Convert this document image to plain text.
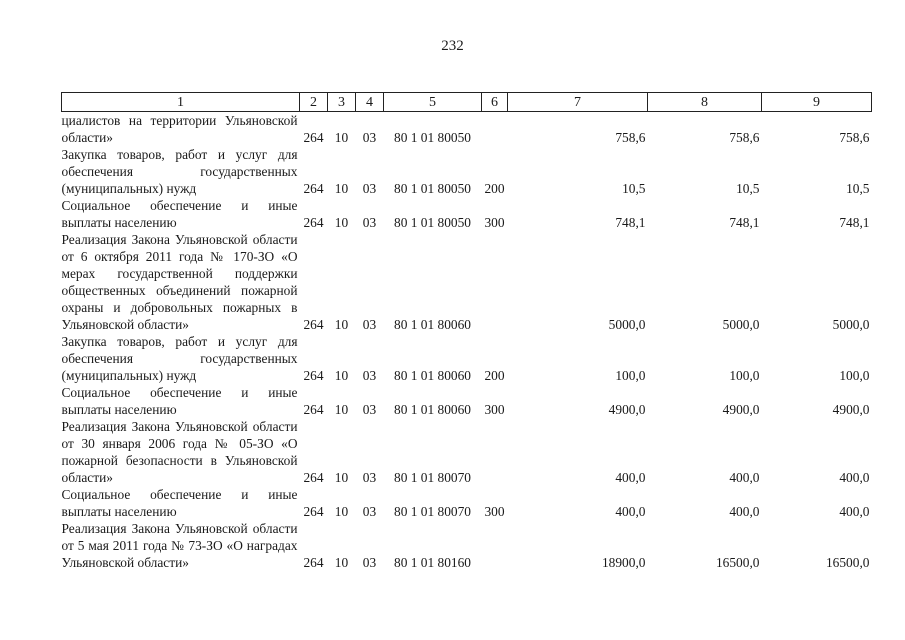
232
1	2	3	4	5	6	7	8	9
циалистов на территории Ульяновской области»	264	10	03	80 1 01 80050		758,6	758,6	758,6
Закупка товаров, работ и услуг для обеспечения государственных (муниципальных) нужд	264	10	03	80 1 01 80050	200	10,5	10,5	10,5
Социальное обеспечение и иные выплаты населению	264	10	03	80 1 01 80050	300	748,1	748,1	748,1
Реализация Закона Ульяновской области от 6 октября 2011 года № 170-ЗО «О мерах государственной поддержки общественных объединений пожарной охраны и добровольных пожарных в Ульяновской области»	264	10	03	80 1 01 80060		5000,0	5000,0	5000,0
Закупка товаров, работ и услуг для обеспечения государственных (муниципальных) нужд	264	10	03	80 1 01 80060	200	100,0	100,0	100,0
Социальное обеспечение и иные выплаты населению	264	10	03	80 1 01 80060	300	4900,0	4900,0	4900,0
Реализация Закона Ульяновской области от 30 января 2006 года № 05-ЗО «О пожарной безопасности в Ульяновской области»	264	10	03	80 1 01 80070		400,0	400,0	400,0
Социальное обеспечение и иные выплаты населению	264	10	03	80 1 01 80070	300	400,0	400,0	400,0
Реализация Закона Ульяновской области от 5 мая 2011 года № 73-ЗО «О наградах Ульяновской области»	264	10	03	80 1 01 80160		18900,0	16500,0	16500,0
